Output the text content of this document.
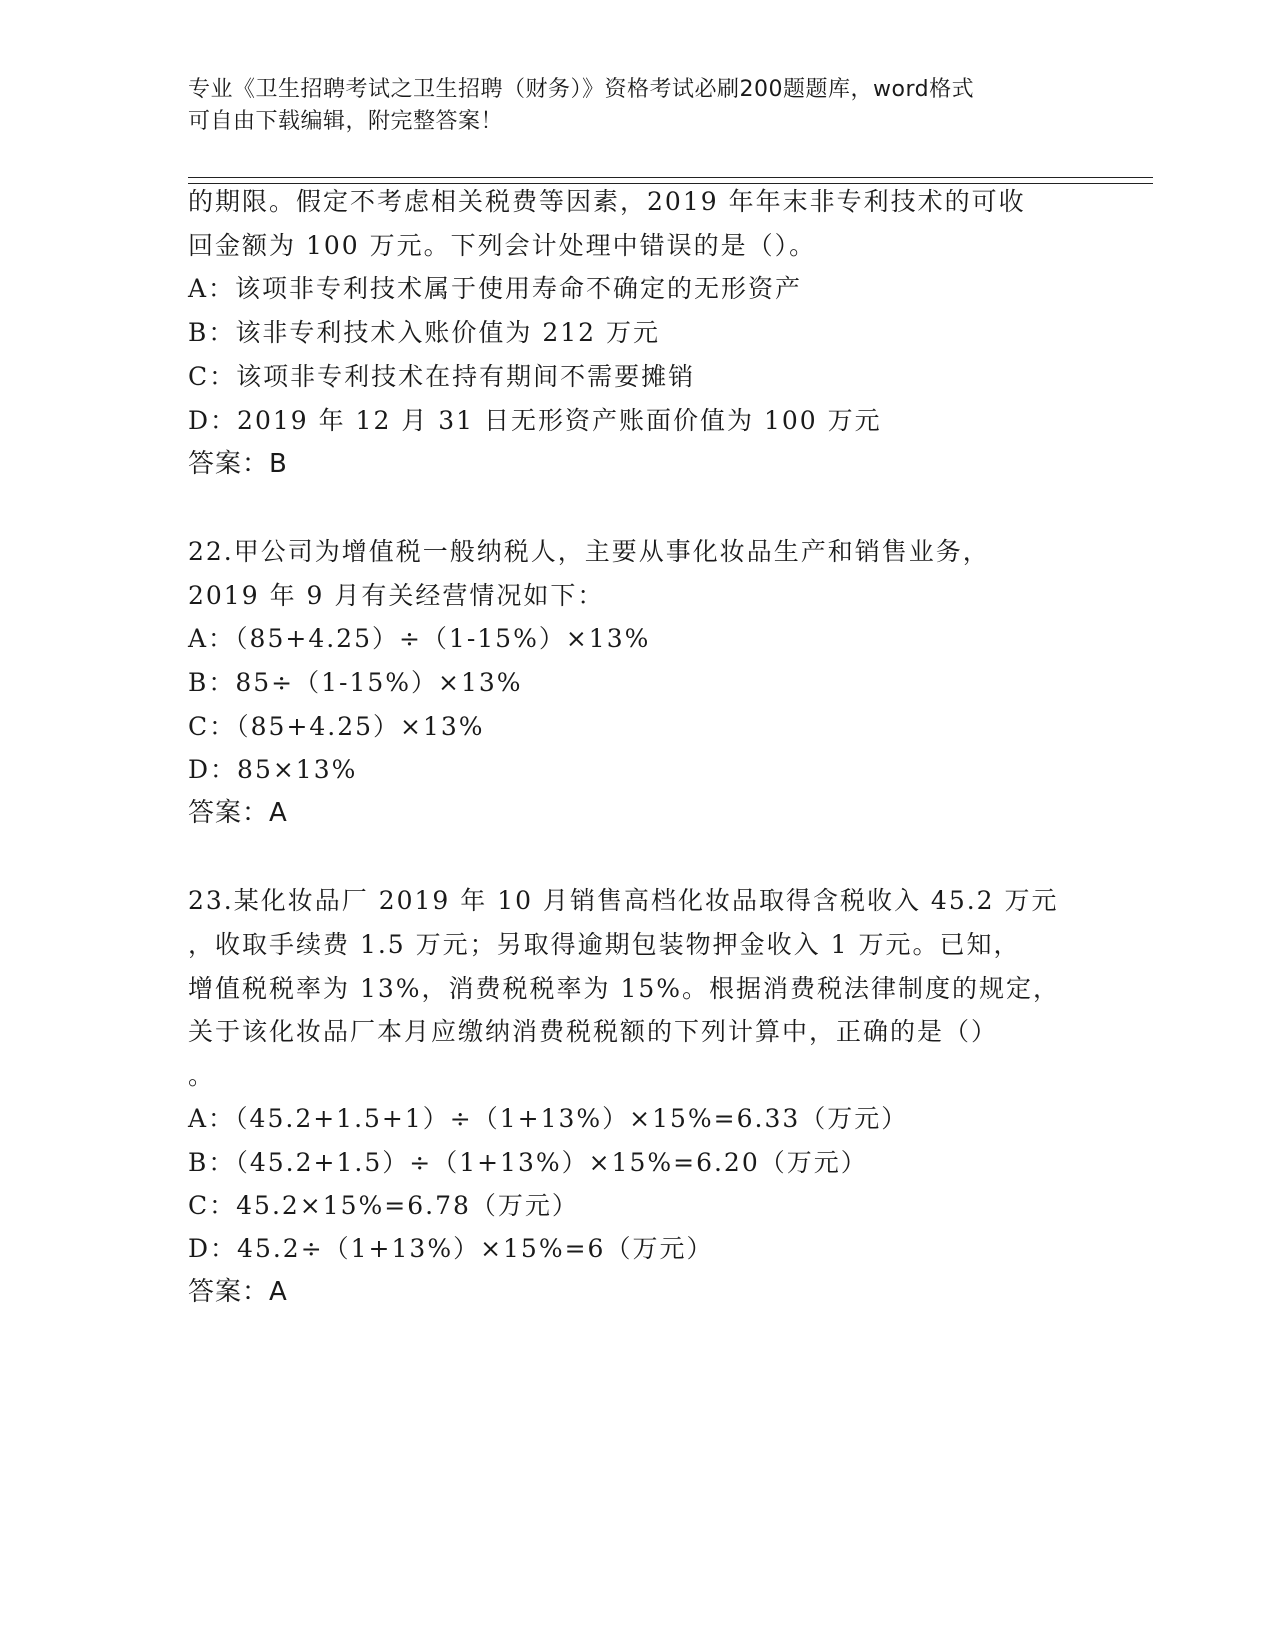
专业《卫生招聘考试之卫生招聘（财务）》资格考试必刷200题题库，word格式
可自由下载编辑，附完整答案！
的期限。假定不考虑相关税费等因素，2019 年年末非专利技术的可收
回金额为 100 万元。下列会计处理中错误的是（）。
A：该项非专利技术属于使用寿命不确定的无形资产
B：该非专利技术入账价值为 212 万元
C：该项非专利技术在持有期间不需要摊销
D：2019 年 12 月 31 日无形资产账面价值为 100 万元
答案：B
22.甲公司为增值税一般纳税人，主要从事化妆品生产和销售业务，
2019 年 9 月有关经营情况如下：
A：（85+4.25）÷（1-15%）×13%
B：85÷（1-15%）×13%
C：（85+4.25）×13%
D：85×13%
答案：A
23.某化妆品厂 2019 年 10 月销售高档化妆品取得含税收入 45.2 万元
，收取手续费 1.5 万元；另取得逾期包装物押金收入 1 万元。已知，
增值税税率为 13%，消费税税率为 15%。根据消费税法律制度的规定，
关于该化妆品厂本月应缴纳消费税税额的下列计算中，正确的是（）
。
A：（45.2+1.5+1）÷（1+13%）×15%=6.33（万元）
B：（45.2+1.5）÷（1+13%）×15%=6.20（万元）
C：45.2×15%=6.78（万元）
D：45.2÷（1+13%）×15%=6（万元）
答案：A
